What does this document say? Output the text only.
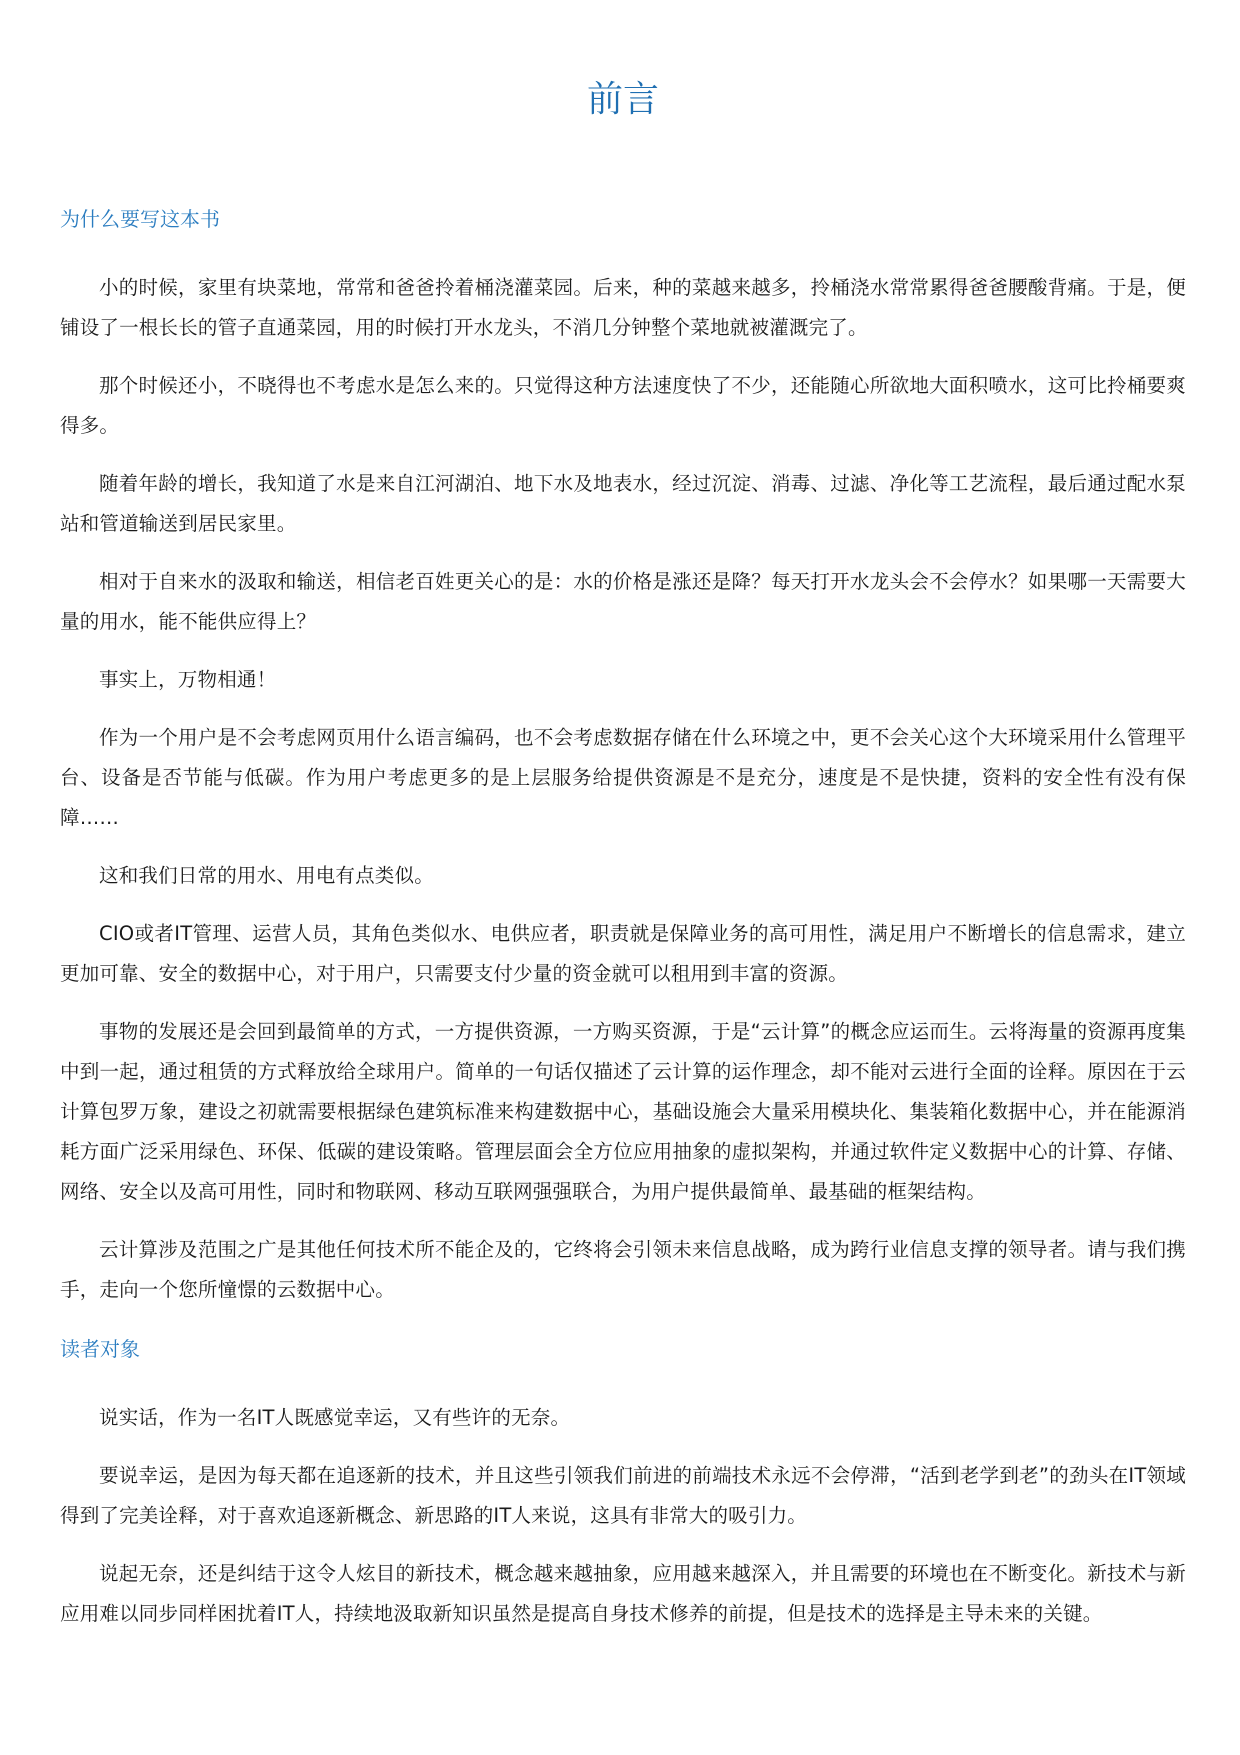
前言
为什么要写这本书

小的时候，家里有块菜地，常常和爸爸拎着桶浇灌菜园。后来，种的菜越来越多，拎桶浇水常常累得爸爸腰酸背痛。于是，便铺设了一根长长的管子直通菜园，用的时候打开水龙头，不消几分钟整个菜地就被灌溉完了。

那个时候还小，不晓得也不考虑水是怎么来的。只觉得这种方法速度快了不少，还能随心所欲地大面积喷水，这可比拎桶要爽得多。

随着年龄的增长，我知道了水是来自江河湖泊、地下水及地表水，经过沉淀、消毒、过滤、净化等工艺流程，最后通过配水泵站和管道输送到居民家里。

相对于自来水的汲取和输送，相信老百姓更关心的是：水的价格是涨还是降？每天打开水龙头会不会停水？如果哪一天需要大量的用水，能不能供应得上？

事实上，万物相通！

作为一个用户是不会考虑网页用什么语言编码，也不会考虑数据存储在什么环境之中，更不会关心这个大环境采用什么管理平台、设备是否节能与低碳。作为用户考虑更多的是上层服务给提供资源是不是充分，速度是不是快捷，资料的安全性有没有保障……

这和我们日常的用水、用电有点类似。

CIO或者IT管理、运营人员，其角色类似水、电供应者，职责就是保障业务的高可用性，满足用户不断增长的信息需求，建立更加可靠、安全的数据中心，对于用户，只需要支付少量的资金就可以租用到丰富的资源。

事物的发展还是会回到最简单的方式，一方提供资源，一方购买资源，于是“云计算”的概念应运而生。云将海量的资源再度集中到一起，通过租赁的方式释放给全球用户。简单的一句话仅描述了云计算的运作理念，却不能对云进行全面的诠释。原因在于云计算包罗万象，建设之初就需要根据绿色建筑标准来构建数据中心，基础设施会大量采用模块化、集装箱化数据中心，并在能源消耗方面广泛采用绿色、环保、低碳的建设策略。管理层面会全方位应用抽象的虚拟架构，并通过软件定义数据中心的计算、存储、网络、安全以及高可用性，同时和物联网、移动互联网强强联合，为用户提供最简单、最基础的框架结构。

云计算涉及范围之广是其他任何技术所不能企及的，它终将会引领未来信息战略，成为跨行业信息支撑的领导者。请与我们携手，走向一个您所憧憬的云数据中心。

读者对象

说实话，作为一名IT人既感觉幸运，又有些许的无奈。

要说幸运，是因为每天都在追逐新的技术，并且这些引领我们前进的前端技术永远不会停滞，“活到老学到老”的劲头在IT领域得到了完美诠释，对于喜欢追逐新概念、新思路的IT人来说，这具有非常大的吸引力。

说起无奈，还是纠结于这令人炫目的新技术，概念越来越抽象，应用越来越深入，并且需要的环境也在不断变化。新技术与新应用难以同步同样困扰着IT人，持续地汲取新知识虽然是提高自身技术修养的前提，但是技术的选择是主导未来的关键。
